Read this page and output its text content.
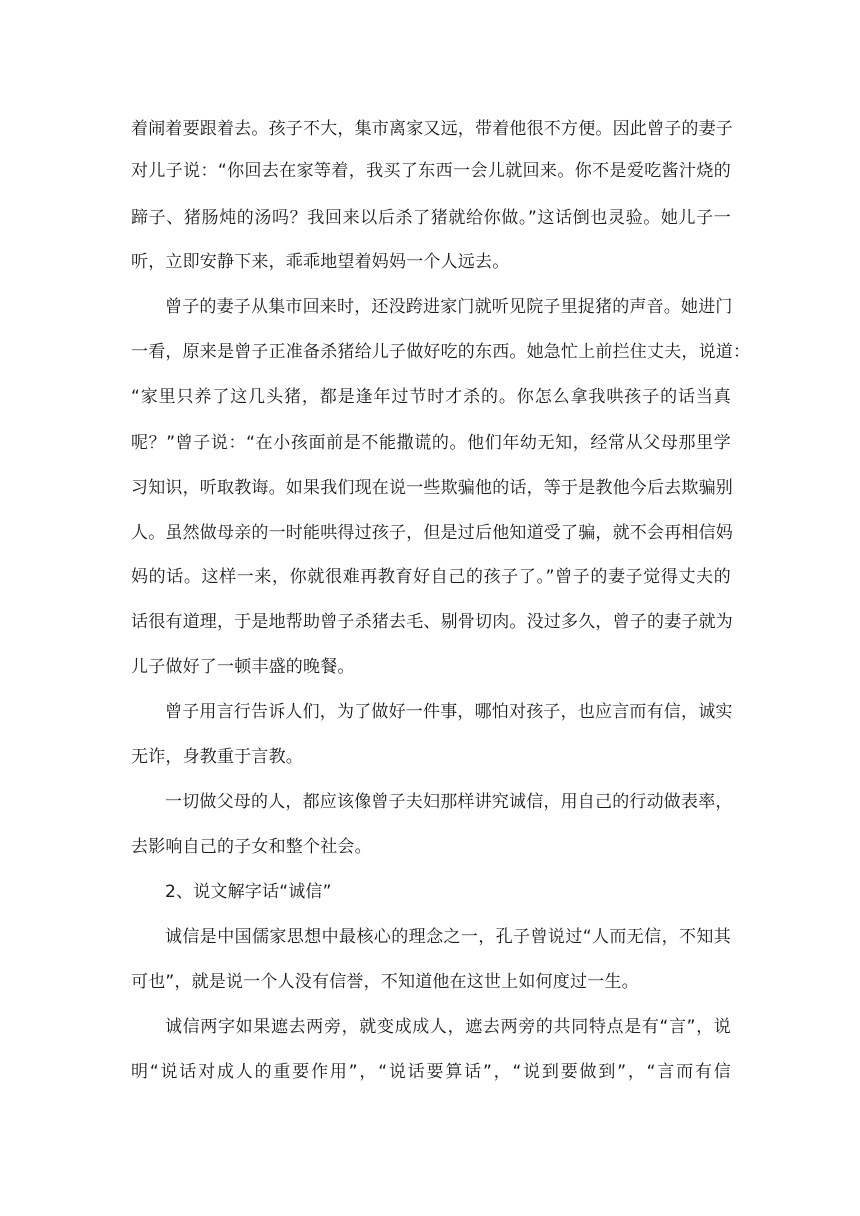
着闹着要跟着去。孩子不大，集市离家又远，带着他很不方便。因此曾子的妻子
对儿子说：“你回去在家等着，我买了东西一会儿就回来。你不是爱吃酱汁烧的
蹄子、猪肠炖的汤吗？我回来以后杀了猪就给你做。”这话倒也灵验。她儿子一
听，立即安静下来，乖乖地望着妈妈一个人远去。
曾子的妻子从集市回来时，还没跨进家门就听见院子里捉猪的声音。她进门
一看，原来是曾子正准备杀猪给儿子做好吃的东西。她急忙上前拦住丈夫，说道：
“家里只养了这几头猪，都是逢年过节时才杀的。你怎么拿我哄孩子的话当真
呢？”曾子说：“在小孩面前是不能撒谎的。他们年幼无知，经常从父母那里学
习知识，听取教诲。如果我们现在说一些欺骗他的话，等于是教他今后去欺骗别
人。虽然做母亲的一时能哄得过孩子，但是过后他知道受了骗，就不会再相信妈
妈的话。这样一来，你就很难再教育好自己的孩子了。”曾子的妻子觉得丈夫的
话很有道理，于是地帮助曾子杀猪去毛、剔骨切肉。没过多久，曾子的妻子就为
儿子做好了一顿丰盛的晚餐。
曾子用言行告诉人们，为了做好一件事，哪怕对孩子，也应言而有信，诚实
无诈，身教重于言教。
一切做父母的人，都应该像曾子夫妇那样讲究诚信，用自己的行动做表率，
去影响自己的子女和整个社会。
2、说文解字话“诚信”
诚信是中国儒家思想中最核心的理念之一，孔子曾说过“人而无信，不知其
可也”，就是说一个人没有信誉，不知道他在这世上如何度过一生。
诚信两字如果遮去两旁，就变成成人，遮去两旁的共同特点是有“言”，说
明“说话对成人的重要作用”，“说话要算话”，“说到要做到”，“言而有信
